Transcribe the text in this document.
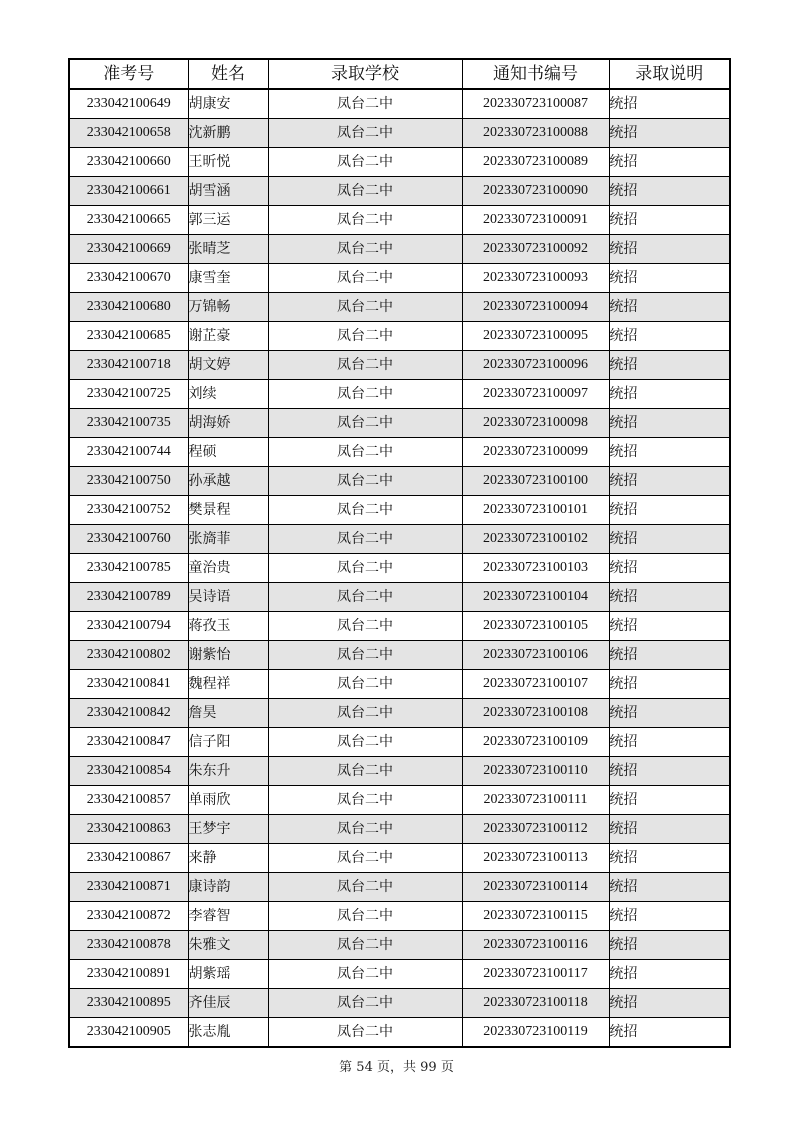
准考号	姓名	录取学校	通知书编号	录取说明
233042100649	胡康安	凤台二中	202330723100087	统招
233042100658	沈新鹏	凤台二中	202330723100088	统招
233042100660	王昕悦	凤台二中	202330723100089	统招
233042100661	胡雪涵	凤台二中	202330723100090	统招
233042100665	郭三运	凤台二中	202330723100091	统招
233042100669	张晴芝	凤台二中	202330723100092	统招
233042100670	康雪奎	凤台二中	202330723100093	统招
233042100680	万锦畅	凤台二中	202330723100094	统招
233042100685	谢芷豪	凤台二中	202330723100095	统招
233042100718	胡文婷	凤台二中	202330723100096	统招
233042100725	刘续	凤台二中	202330723100097	统招
233042100735	胡海娇	凤台二中	202330723100098	统招
233042100744	程硕	凤台二中	202330723100099	统招
233042100750	孙承越	凤台二中	202330723100100	统招
233042100752	樊景程	凤台二中	202330723100101	统招
233042100760	张旖菲	凤台二中	202330723100102	统招
233042100785	童治贵	凤台二中	202330723100103	统招
233042100789	吴诗语	凤台二中	202330723100104	统招
233042100794	蒋孜玉	凤台二中	202330723100105	统招
233042100802	谢紫怡	凤台二中	202330723100106	统招
233042100841	魏程祥	凤台二中	202330723100107	统招
233042100842	詹昊	凤台二中	202330723100108	统招
233042100847	信子阳	凤台二中	202330723100109	统招
233042100854	朱东升	凤台二中	202330723100110	统招
233042100857	单雨欣	凤台二中	202330723100111	统招
233042100863	王梦宇	凤台二中	202330723100112	统招
233042100867	来静	凤台二中	202330723100113	统招
233042100871	康诗韵	凤台二中	202330723100114	统招
233042100872	李睿智	凤台二中	202330723100115	统招
233042100878	朱雅文	凤台二中	202330723100116	统招
233042100891	胡紫瑶	凤台二中	202330723100117	统招
233042100895	齐佳辰	凤台二中	202330723100118	统招
233042100905	张志胤	凤台二中	202330723100119	统招
第 54 页，共 99 页
